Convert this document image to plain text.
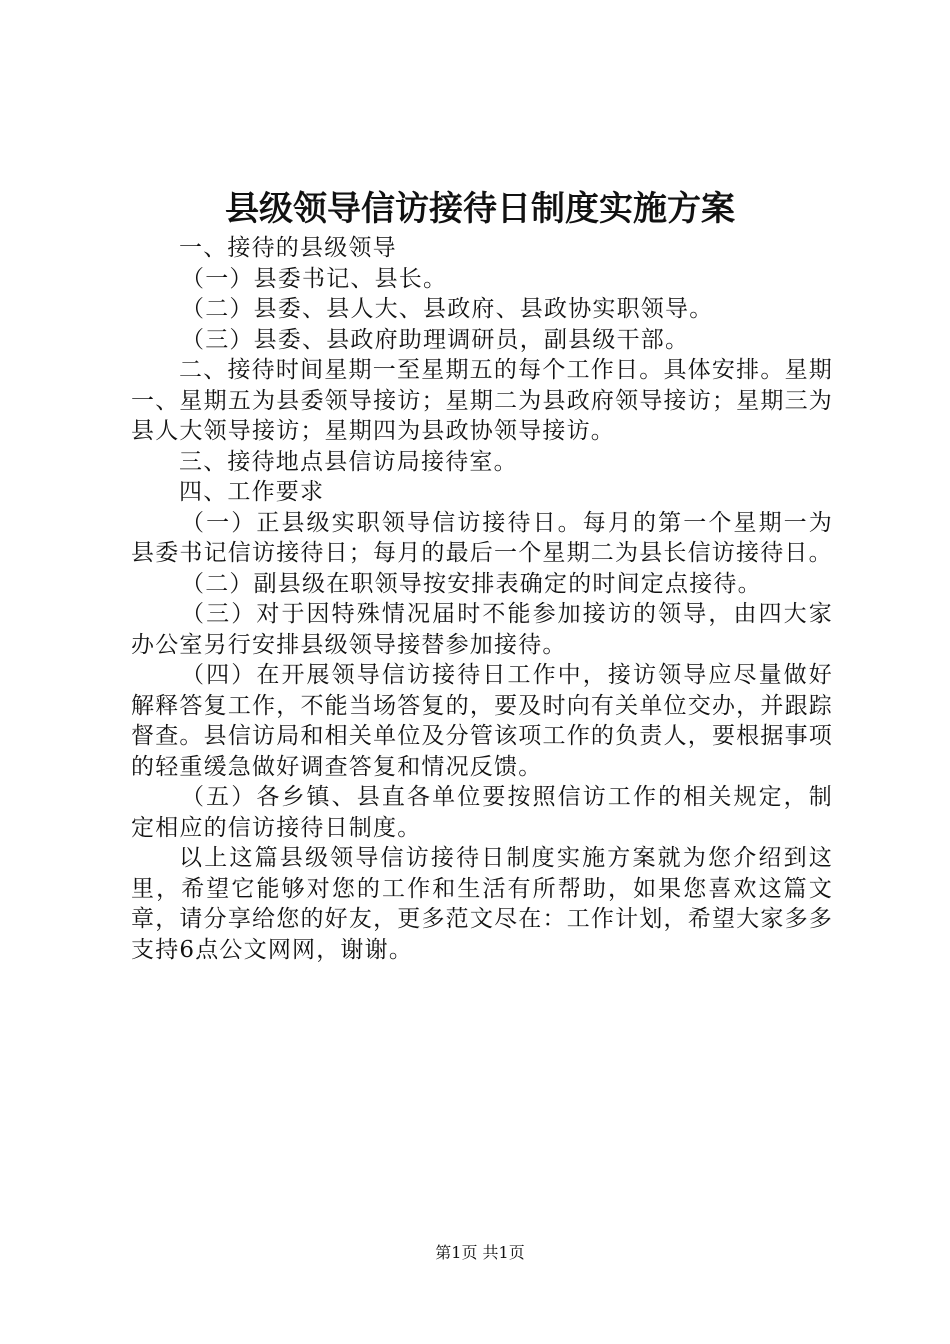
县级领导信访接待日制度实施方案

一、接待的县级领导

（一）县委书记、县长。

（二）县委、县人大、县政府、县政协实职领导。

（三）县委、县政府助理调研员，副县级干部。

二、接待时间星期一至星期五的每个工作日。具体安排。星期一、星期五为县委领导接访；星期二为县政府领导接访；星期三为县人大领导接访；星期四为县政协领导接访。

三、接待地点县信访局接待室。

四、工作要求

（一）正县级实职领导信访接待日。每月的第一个星期一为县委书记信访接待日；每月的最后一个星期二为县长信访接待日。

（二）副县级在职领导按安排表确定的时间定点接待。

（三）对于因特殊情况届时不能参加接访的领导，由四大家办公室另行安排县级领导接替参加接待。

（四）在开展领导信访接待日工作中，接访领导应尽量做好解释答复工作，不能当场答复的，要及时向有关单位交办，并跟踪督查。县信访局和相关单位及分管该项工作的负责人，要根据事项的轻重缓急做好调查答复和情况反馈。

（五）各乡镇、县直各单位要按照信访工作的相关规定，制定相应的信访接待日制度。

以上这篇县级领导信访接待日制度实施方案就为您介绍到这里，希望它能够对您的工作和生活有所帮助，如果您喜欢这篇文章，请分享给您的好友，更多范文尽在：工作计划，希望大家多多支持6点公文网网，谢谢。

第1页 共1页
